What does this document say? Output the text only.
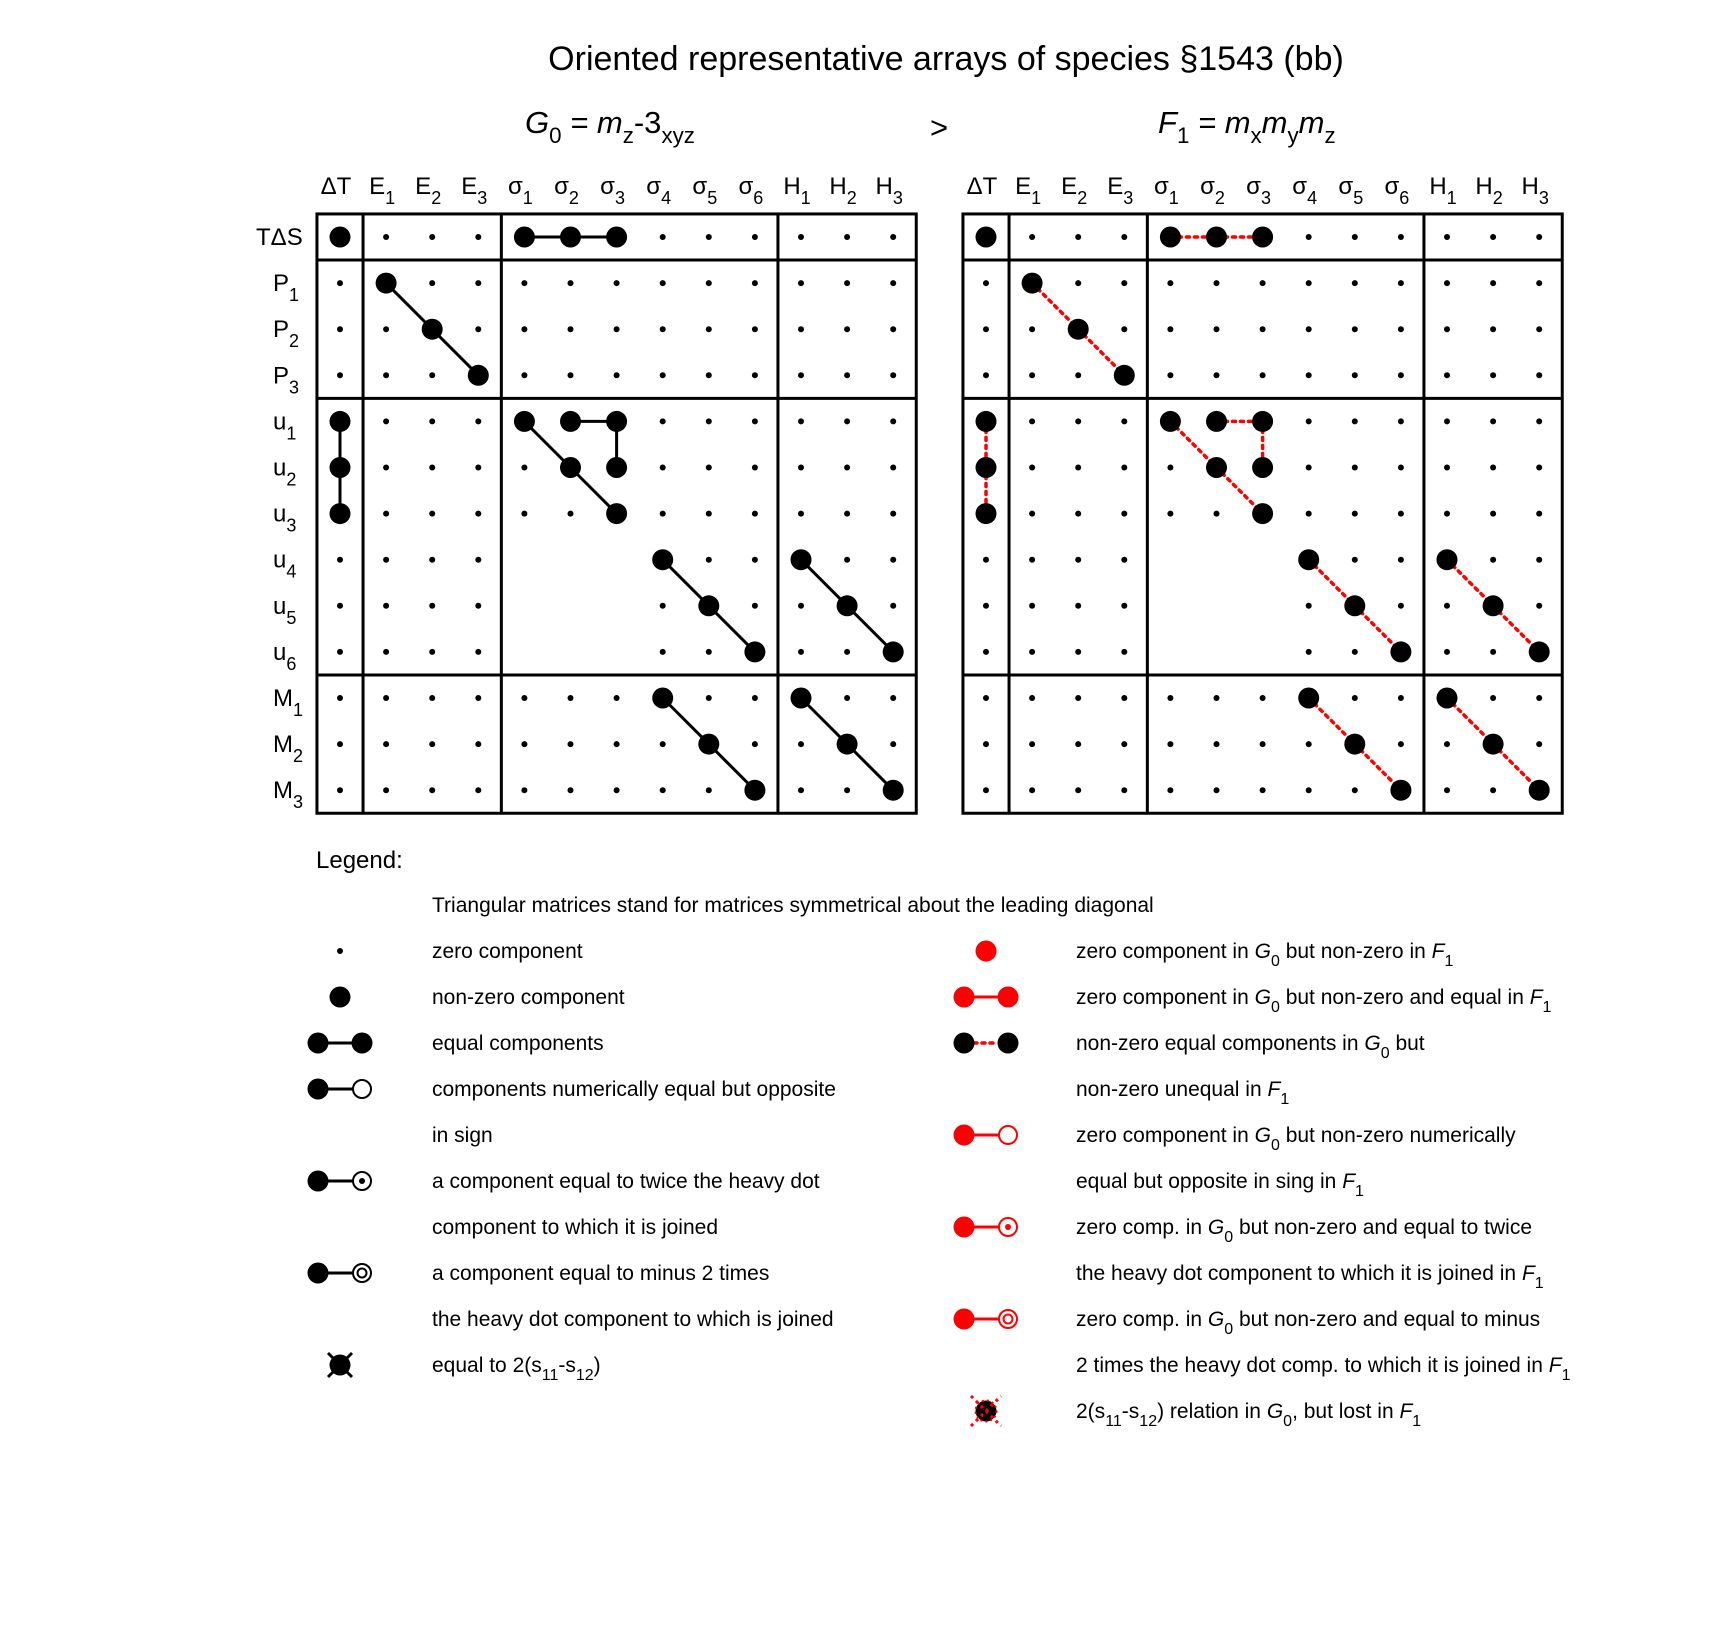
Oriented representative arrays of species §1543 (bb)
$G_0 = m_z-3_{xyz}$	>	$F_1 = m_xm_ym_z$
ΔT $E_1$ $E_2$ $E_3$ $\sigma_1$ $\sigma_2$ $\sigma_3$ $\sigma_4$ $\sigma_5$ $\sigma_6$ $H_1$ $H_2$ $H_3$
TΔS
$P_1$
$P_2$
$P_3$
$u_1$
$u_2$
$u_3$
$u_4$
$u_5$
$u_6$
$M_1$
$M_2$
$M_3$
ΔT $E_1$ $E_2$ $E_3$ $\sigma_1$ $\sigma_2$ $\sigma_3$ $\sigma_4$ $\sigma_5$ $\sigma_6$ $H_1$ $H_2$ $H_3$
Legend:
Triangular matrices stand for matrices symmetrical about the leading diagonal
zero component
non-zero component
equal components
components numerically equal but opposite
in sign
a component equal to twice the heavy dot
component to which it is joined
a component equal to minus 2 times
the heavy dot component to which is joined
equal to $2(s_{11}-s_{12})$
zero component in $G_0$ but non-zero in $F_1$
zero component in $G_0$ but non-zero and equal in $F_1$
non-zero equal components in $G_0$ but
non-zero unequal in $F_1$
zero component in $G_0$ but non-zero numerically
equal but opposite in sing in $F_1$
zero comp. in $G_0$ but non-zero and equal to twice
the heavy dot component to which it is joined in $F_1$
zero comp. in $G_0$ but non-zero and equal to minus
2 times the heavy dot comp. to which it is joined in $F_1$
$2(s_{11}-s_{12})$ relation in $G_0$, but lost in $F_1$
